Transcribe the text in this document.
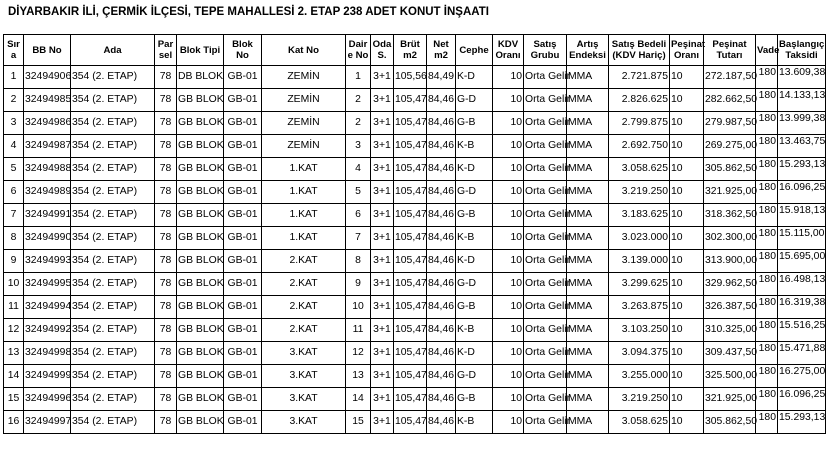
DİYARBAKIR İLİ, ÇERMİK İLÇESİ, TEPE MAHALLESİ 2. ETAP 238 ADET KONUT İNŞAATI
Sır a	BB No	Ada	Par sel	Blok Tipi	Blok No	Kat No	Dair e No	Oda S.	Brüt m2	Net m2	Cephe	KDV Oranı	Satış Grubu	Artış Endeksi	Satış Bedeli (KDV Hariç)	Peşinat Oranı	Peşinat Tutarı	Vade	Başlangıç Taksidi
1	32494906	354 (2. ETAP)	78	DB BLOK	GB-01	ZEMİN	1	3+1	105,56	84,49	K-D	10	Orta Gelir	MMA	2.721.875	10	272.187,50	180	13.609,38
2	32494985	354 (2. ETAP)	78	GB BLOK	GB-01	ZEMİN	2	3+1	105,47	84,46	G-D	10	Orta Gelir	MMA	2.826.625	10	282.662,50	180	14.133,13
3	32494986	354 (2. ETAP)	78	GB BLOK	GB-01	ZEMİN	2	3+1	105,47	84,46	G-B	10	Orta Gelir	MMA	2.799.875	10	279.987,50	180	13.999,38
4	32494987	354 (2. ETAP)	78	GB BLOK	GB-01	ZEMİN	3	3+1	105,47	84,46	K-B	10	Orta Gelir	MMA	2.692.750	10	269.275,00	180	13.463,75
5	32494988	354 (2. ETAP)	78	GB BLOK	GB-01	1.KAT	4	3+1	105,47	84,46	K-D	10	Orta Gelir	MMA	3.058.625	10	305.862,50	180	15.293,13
6	32494989	354 (2. ETAP)	78	GB BLOK	GB-01	1.KAT	5	3+1	105,47	84,46	G-D	10	Orta Gelir	MMA	3.219.250	10	321.925,00	180	16.096,25
7	32494991	354 (2. ETAP)	78	GB BLOK	GB-01	1.KAT	6	3+1	105,47	84,46	G-B	10	Orta Gelir	MMA	3.183.625	10	318.362,50	180	15.918,13
8	32494990	354 (2. ETAP)	78	GB BLOK	GB-01	1.KAT	7	3+1	105,47	84,46	K-B	10	Orta Gelir	MMA	3.023.000	10	302.300,00	180	15.115,00
9	32494993	354 (2. ETAP)	78	GB BLOK	GB-01	2.KAT	8	3+1	105,47	84,46	K-D	10	Orta Gelir	MMA	3.139.000	10	313.900,00	180	15.695,00
10	32494995	354 (2. ETAP)	78	GB BLOK	GB-01	2.KAT	9	3+1	105,47	84,46	G-D	10	Orta Gelir	MMA	3.299.625	10	329.962,50	180	16.498,13
11	32494994	354 (2. ETAP)	78	GB BLOK	GB-01	2.KAT	10	3+1	105,47	84,46	G-B	10	Orta Gelir	MMA	3.263.875	10	326.387,50	180	16.319,38
12	32494992	354 (2. ETAP)	78	GB BLOK	GB-01	2.KAT	11	3+1	105,47	84,46	K-B	10	Orta Gelir	MMA	3.103.250	10	310.325,00	180	15.516,25
13	32494998	354 (2. ETAP)	78	GB BLOK	GB-01	3.KAT	12	3+1	105,47	84,46	K-D	10	Orta Gelir	MMA	3.094.375	10	309.437,50	180	15.471,88
14	32494999	354 (2. ETAP)	78	GB BLOK	GB-01	3.KAT	13	3+1	105,47	84,46	G-D	10	Orta Gelir	MMA	3.255.000	10	325.500,00	180	16.275,00
15	32494996	354 (2. ETAP)	78	GB BLOK	GB-01	3.KAT	14	3+1	105,47	84,46	G-B	10	Orta Gelir	MMA	3.219.250	10	321.925,00	180	16.096,25
16	32494997	354 (2. ETAP)	78	GB BLOK	GB-01	3.KAT	15	3+1	105,47	84,46	K-B	10	Orta Gelir	MMA	3.058.625	10	305.862,50	180	15.293,13
